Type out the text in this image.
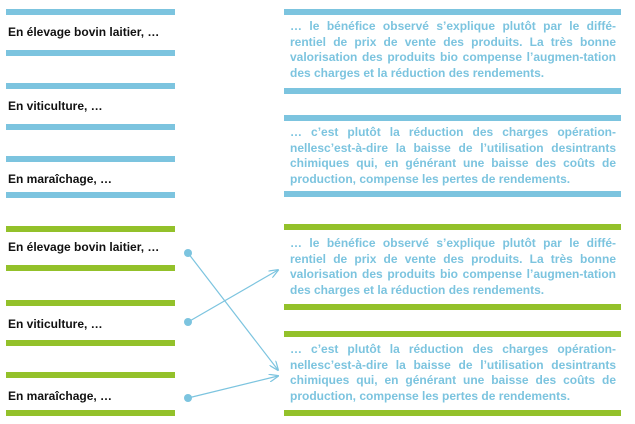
En élevage bovin laitier, …
En viticulture, …
En maraîchage, …
… le bénéfice observé s’explique plutôt par le diffé-rentiel de prix de vente des produits. La très bonne valorisation des produits bio compense l’augmen-tation des charges et la réduction des rendements.
… c’est plutôt la réduction des charges opération-nellesc’est-à-dire la baisse de l’utilisation desintrants chimiques qui, en générant une baisse des coûts de production, compense les pertes de rendements.
En élevage bovin laitier, …
En viticulture, …
En maraîchage, …
… le bénéfice observé s’explique plutôt par le diffé-rentiel de prix de vente des produits. La très bonne valorisation des produits bio compense l’augmen-tation des charges et la réduction des rendements.
… c’est plutôt la réduction des charges opération-nellesc’est-à-dire la baisse de l’utilisation desintrants chimiques qui, en générant une baisse des coûts de production, compense les pertes de rendements.
